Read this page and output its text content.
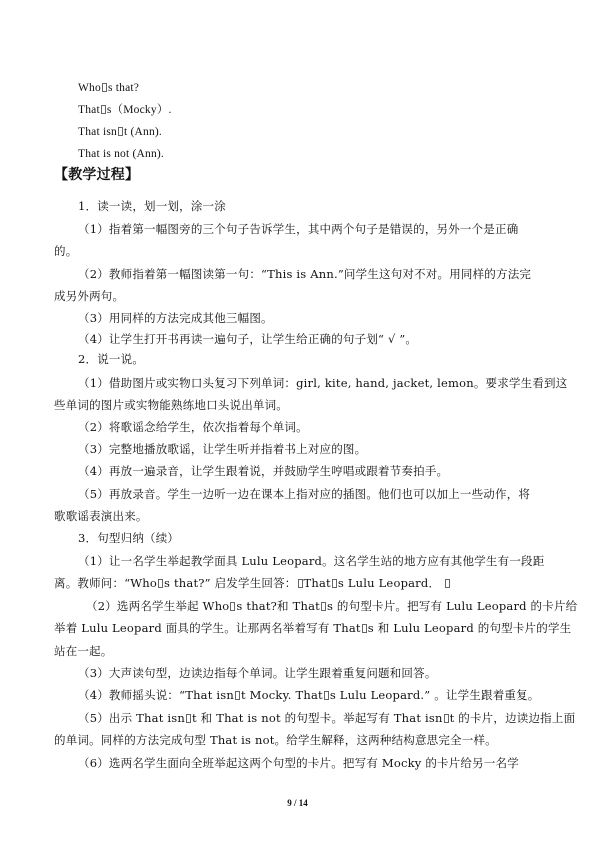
Who s that?
That s（Mocky）.
That isn t (Ann).
That is not (Ann).
【教学过程】
1．读一读，划一划，涂一涂
（1）指着第一幅图旁的三个句子告诉学生，其中两个句子是错误的，另外一个是正确
的。
（2）教师指着第一幅图读第一句：“This is Ann.”问学生这句对不对。用同样的方法完
成另外两句。
（3）用同样的方法完成其他三幅图。
（4）让学生打开书再读一遍句子，让学生给正确的句子划“ √ ”。
2．说一说。
（1）借助图片或实物口头复习下列单词：girl, kite, hand, jacket, lemon。要求学生看到这
些单词的图片或实物能熟练地口头说出单词。
（2）将歌谣念给学生，依次指着每个单词。
（3）完整地播放歌谣，让学生听并指着书上对应的图。
（4）再放一遍录音，让学生跟着说，并鼓励学生哼唱或跟着节奏拍手。
（5）再放录音。学生一边听一边在课本上指对应的插图。他们也可以加上一些动作，将
歌歌谣表演出来。
3．句型归纳（续）
（1）让一名学生举起教学面具 Lulu Leopard。这名学生站的地方应有其他学生有一段距
离。教师问：“Who s that?” 启发学生回答： That s Lulu Leopard．
（2）选两名学生举起 Who s that?和 That s 的句型卡片。把写有 Lulu Leopard 的卡片给
举着 Lulu Leopard 面具的学生。让那两名举着写有 That s 和 Lulu Leopard 的句型卡片的学生
站在一起。
（3）大声读句型，边读边指每个单词。让学生跟着重复问题和回答。
（4）教师摇头说：“That isn t Mocky. That s Lulu Leopard.” 。让学生跟着重复。
（5）出示 That isn t 和 That is not 的句型卡。举起写有 That isn t 的卡片，边读边指上面
的单词。同样的方法完成句型 That is not。给学生解释，这两种结构意思完全一样。
（6）选两名学生面向全班举起这两个句型的卡片。把写有 Mocky 的卡片给另一名学
9 / 14
